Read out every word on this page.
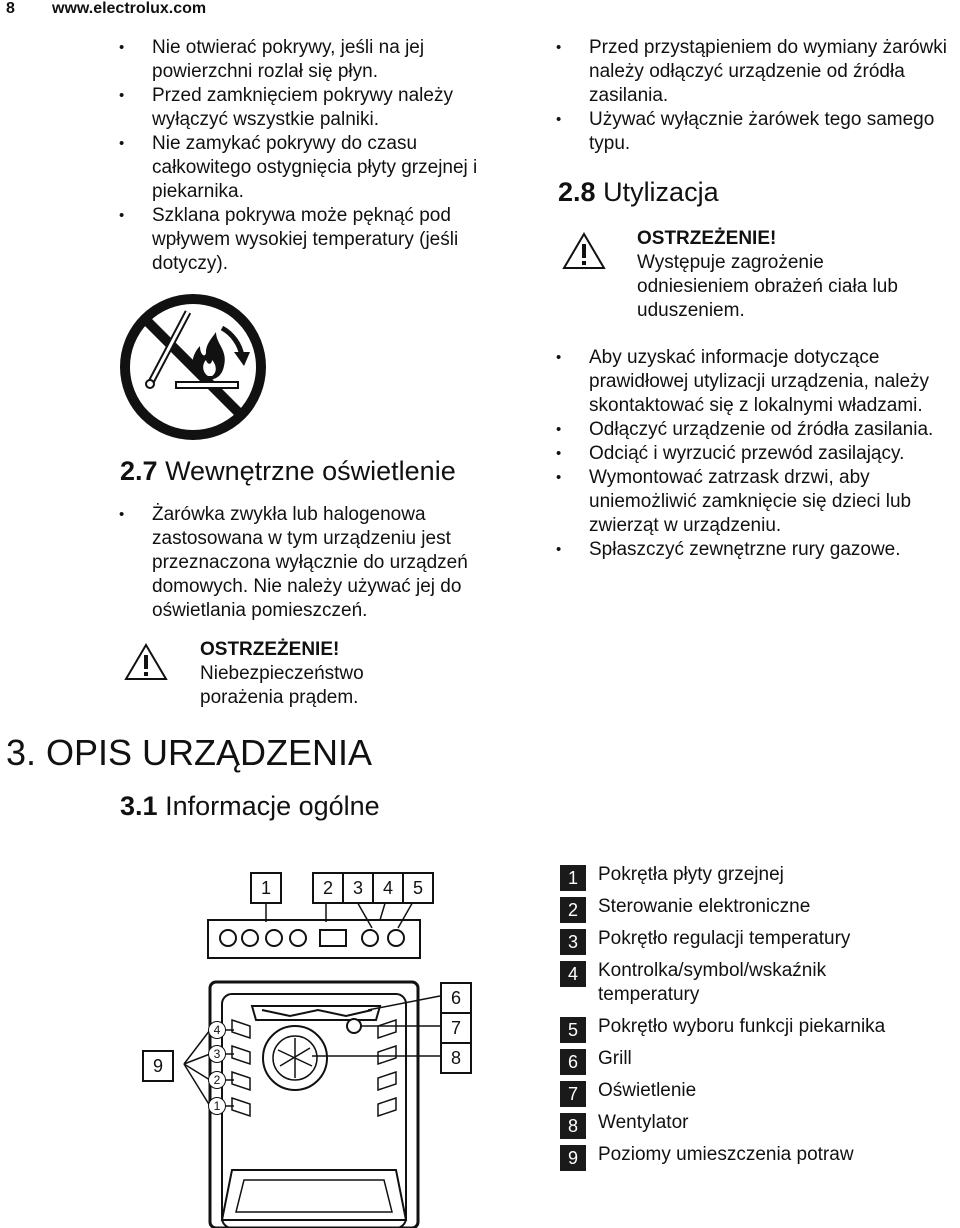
8 www.electrolux.com
• Nie otwierać pokrywy, jeśli na jej powierzchni rozlał się płyn.
• Przed zamknięciem pokrywy należy wyłączyć wszystkie palniki.
• Nie zamykać pokrywy do czasu całkowitego ostygnięcia płyty grzejnej i piekarnika.
• Szklana pokrywa może pęknąć pod wpływem wysokiej temperatury (jeśli dotyczy).
2.7 Wewnętrzne oświetlenie
• Żarówka zwykła lub halogenowa zastosowana w tym urządzeniu jest przeznaczona wyłącznie do urządzeń domowych. Nie należy używać jej do oświetlania pomieszczeń.
OSTRZEŻENIE!
Niebezpieczeństwo porażenia prądem.
3. OPIS URZĄDZENIA
3.1 Informacje ogólne
• Przed przystąpieniem do wymiany żarówki należy odłączyć urządzenie od źródła zasilania.
• Używać wyłącznie żarówek tego samego typu.
2.8 Utylizacja
OSTRZEŻENIE!
Występuje zagrożenie odniesieniem obrażeń ciała lub uduszeniem.
• Aby uzyskać informacje dotyczące prawidłowej utylizacji urządzenia, należy skontaktować się z lokalnymi władzami.
• Odłączyć urządzenie od źródła zasilania.
• Odciąć i wyrzucić przewód zasilający.
• Wymontować zatrzask drzwi, aby uniemożliwić zamknięcie się dzieci lub zwierząt w urządzeniu.
• Spłaszczyć zewnętrzne rury gazowe.
1	2	3	4	5
6
7
8
9
4
3
2
1
1	Pokrętła płyty grzejnej
2	Sterowanie elektroniczne
3	Pokrętło regulacji temperatury
4	Kontrolka/symbol/wskaźnik temperatury
5	Pokrętło wyboru funkcji piekarnika
6	Grill
7	Oświetlenie
8	Wentylator
9	Poziomy umieszczenia potraw
